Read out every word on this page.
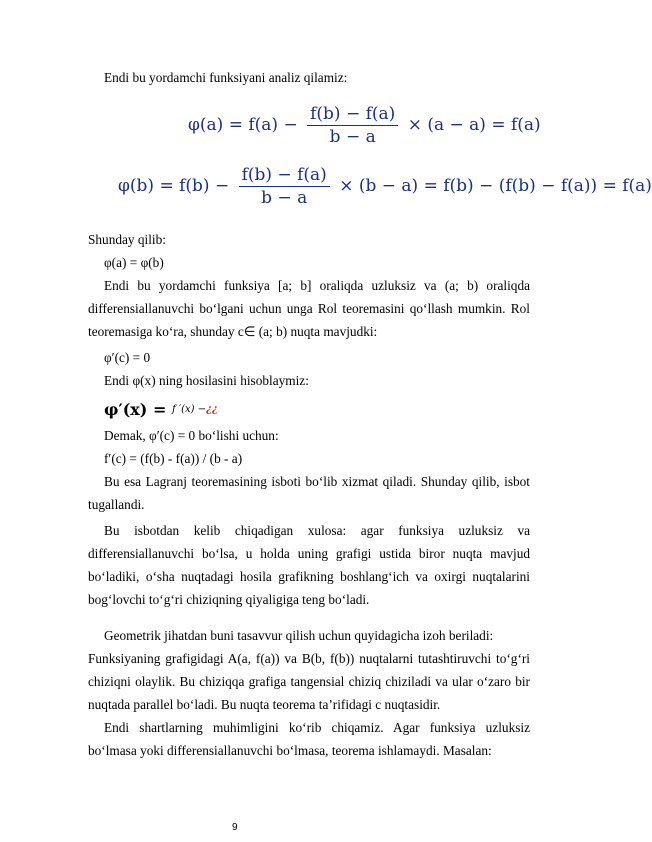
Endi bu yordamchi funksiyani analiz qilamiz:

$\varphi(a) = f(a) - \frac{f(b) - f(a)}{b - a} \times (a - a) = f(a)$
$\varphi(b) = f(b) - \frac{f(b) - f(a)}{b - a} \times (b - a) = f(b) - (f(b) - f(a)) = f(a)$

Shunday qilib:

φ(a) = φ(b)

Endi bu yordamchi funksiya [a; b] oraliqda uzluksiz va (a; b) oraliqda differensiallanuvchi bo‘lgani uchun unga Rol teoremasini qo‘llash mumkin. Rol teoremasiga ko‘ra, shunday c∈ (a; b) nuqta mavjudki:

φ′(c) = 0

Endi φ(x) ning hosilasini hisoblaymiz:

φ′(x) = f ′(x) −¿¿

Demak, φ′(c) = 0 bo‘lishi uchun:

f′(c) = (f(b) - f(a)) / (b - a)

Bu esa Lagranj teoremasining isboti bo‘lib xizmat qiladi. Shunday qilib, isbot tugallandi.

Bu isbotdan kelib chiqadigan xulosa: agar funksiya uzluksiz va differensiallanuvchi bo‘lsa, u holda uning grafigi ustida biror nuqta mavjud bo‘ladiki, o‘sha nuqtadagi hosila grafikning boshlang‘ich va oxirgi nuqtalarini bog‘lovchi to‘g‘ri chiziqning qiyaligiga teng bo‘ladi.

Geometrik jihatdan buni tasavvur qilish uchun quyidagicha izoh beriladi:

Funksiyaning grafigidagi A(a, f(a)) va B(b, f(b)) nuqtalarni tutashtiruvchi to‘g‘ri chiziqni olaylik. Bu chiziqqa grafiga tangensial chiziq chiziladi va ular o‘zaro bir nuqtada parallel bo‘ladi. Bu nuqta teorema ta’rifidagi c nuqtasidir.

Endi shartlarning muhimligini ko‘rib chiqamiz. Agar funksiya uzluksiz bo‘lmasa yoki differensiallanuvchi bo‘lmasa, teorema ishlamaydi. Masalan:

9
